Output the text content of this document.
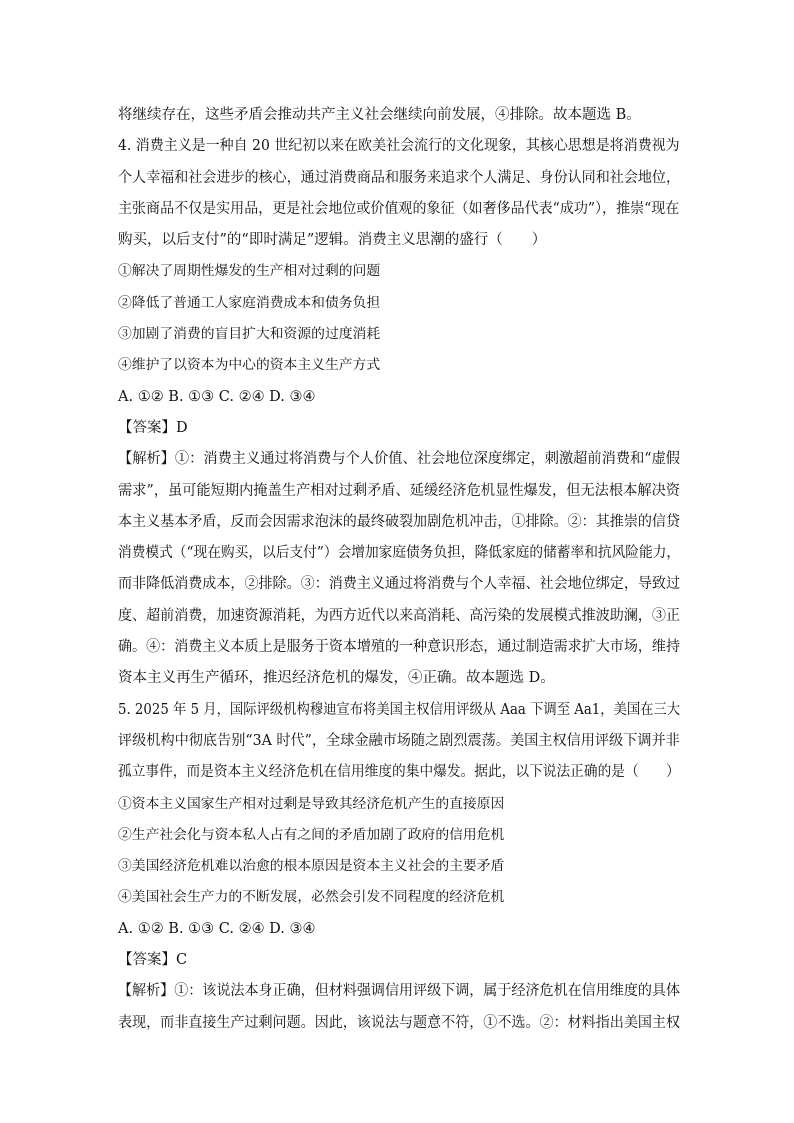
将继续存在，这些矛盾会推动共产主义社会继续向前发展，④排除。故本题选 B。
4. 消费主义是一种自 20 世纪初以来在欧美社会流行的文化现象，其核心思想是将消费视为
个人幸福和社会进步的核心，通过消费商品和服务来追求个人满足、身份认同和社会地位，
主张商品不仅是实用品，更是社会地位或价值观的象征（如奢侈品代表“成功”），推崇“现在
购买，以后支付”的“即时满足”逻辑。消费主义思潮的盛行（　　）
①解决了周期性爆发的生产相对过剩的问题
②降低了普通工人家庭消费成本和债务负担
③加剧了消费的盲目扩大和资源的过度消耗
④维护了以资本为中心的资本主义生产方式
A. ①② B. ①③ C. ②④ D. ③④
【答案】D
【解析】①：消费主义通过将消费与个人价值、社会地位深度绑定，刺激超前消费和“虚假
需求”，虽可能短期内掩盖生产相对过剩矛盾、延缓经济危机显性爆发，但无法根本解决资
本主义基本矛盾，反而会因需求泡沫的最终破裂加剧危机冲击，①排除。②：其推崇的信贷
消费模式（“现在购买，以后支付”）会增加家庭债务负担，降低家庭的储蓄率和抗风险能力，
而非降低消费成本，②排除。③：消费主义通过将消费与个人幸福、社会地位绑定，导致过
度、超前消费，加速资源消耗，为西方近代以来高消耗、高污染的发展模式推波助澜，③正
确。④：消费主义本质上是服务于资本增殖的一种意识形态，通过制造需求扩大市场，维持
资本主义再生产循环，推迟经济危机的爆发，④正确。故本题选 D。
5. 2025 年 5 月，国际评级机构穆迪宣布将美国主权信用评级从 Aaa 下调至 Aa1，美国在三大
评级机构中彻底告别“3A 时代”，全球金融市场随之剧烈震荡。美国主权信用评级下调并非
孤立事件，而是资本主义经济危机在信用维度的集中爆发。据此，以下说法正确的是（　　）
①资本主义国家生产相对过剩是导致其经济危机产生的直接原因
②生产社会化与资本私人占有之间的矛盾加剧了政府的信用危机
③美国经济危机难以治愈的根本原因是资本主义社会的主要矛盾
④美国社会生产力的不断发展，必然会引发不同程度的经济危机
A. ①② B. ①③ C. ②④ D. ③④
【答案】C
【解析】①：该说法本身正确，但材料强调信用评级下调，属于经济危机在信用维度的具体
表现，而非直接生产过剩问题。因此，该说法与题意不符，①不选。②：材料指出美国主权
